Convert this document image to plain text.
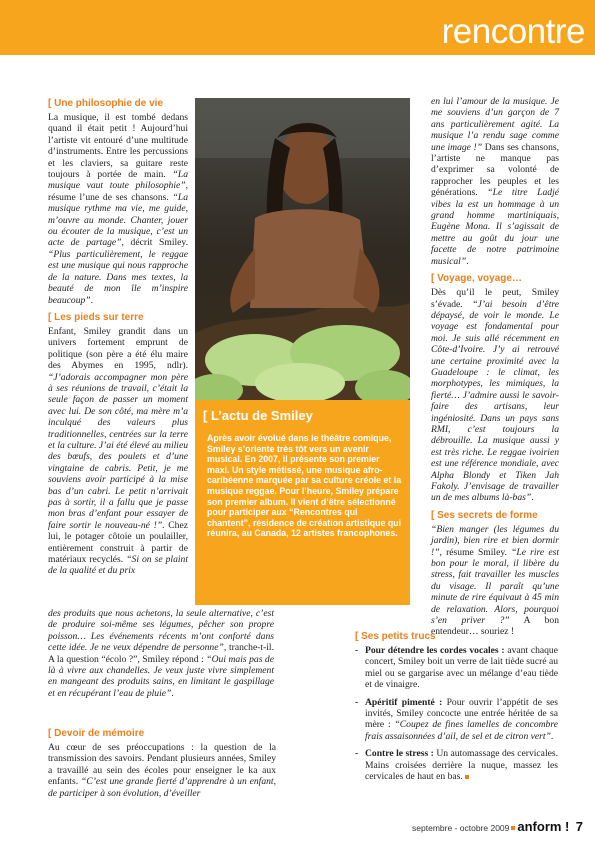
rencontre
[ Une philosophie de vie

La musique, il est tombé dedans quand il était petit ! Aujourd’hui l’artiste vit entouré d’une multitude d’instruments. Entre les percussions et les claviers, sa guitare reste toujours à portée de main. “La musique vaut toute philosophie”, résume l’une de ses chansons. “La musique rythme ma vie, me guide, m’ouvre au monde. Chanter, jouer ou écouter de la musique, c’est un acte de partage”, décrit Smiley. “Plus particulièrement, le reggae est une musique qui nous rapproche de la nature. Dans mes textes, la beauté de mon île m’inspire beaucoup”.

[ Les pieds sur terre

Enfant, Smiley grandit dans un univers fortement emprunt de politique (son père a été élu maire des Abymes en 1995, ndlr). “J’adorais accompagner mon père à ses réunions de travail, c’était la seule façon de passer un moment avec lui. De son côté, ma mère m’a inculqué des valeurs plus traditionnelles, centrées sur la terre et la culture. J’ai été élevé au milieu des bœufs, des poulets et d’une vingtaine de cabris. Petit, je me souviens avoir participé à la mise bas d’un cabri. Le petit n’arrivait pas à sortir, il a fallu que je passe mon bras d’enfant pour essayer de faire sortir le nouveau-né !”. Chez lui, le potager côtoie un poulailler, entièrement construit à partir de matériaux recyclés. “Si on se plaint de la qualité et du prix

[ L’actu de Smiley
Après avoir évolué dans le théâtre comique, Smiley s’oriente très tôt vers un avenir musical. En 2007, il présente son premier maxi. Un style métissé, une musique afro-caribéenne marquée par sa culture créole et la musique reggae. Pour l’heure, Smiley prépare son premier album. Il vient d’être sélectionné pour participer aux “Rencontres qui chantent”, résidence de création artistique qui réunira, au Canada, 12 artistes francophones.

en lui l’amour de la musique. Je me souviens d’un garçon de 7 ans particulièrement agité. La musique l’a rendu sage comme une image !” Dans ses chansons, l’artiste ne manque pas d’exprimer sa volonté de rapprocher les peuples et les générations. “Le titre Ladjé vibes la est un hommage à un grand homme martiniquais, Eugène Mona. Il s’agissait de mettre au goût du jour une facette de notre patrimoine musical”.

[ Voyage, voyage…

Dès qu’il le peut, Smiley s’évade. “J’ai besoin d’être dépaysé, de voir le monde. Le voyage est fondamental pour moi. Je suis allé récemment en Côte-d’Ivoire. J’y ai retrouvé une certaine proximité avec la Guadeloupe : le climat, les morphotypes, les mimiques, la fierté… J’admire aussi le savoir-faire des artisans, leur ingéniosité. Dans un pays sans RMI, c’est toujours la débrouille. La musique aussi y est très riche. Le reggae ivoirien est une référence mondiale, avec Alpha Blondy et Tiken Jah Fakoly. J’envisage de travailler un de mes albums là-bas”.

[ Ses secrets de forme

“Bien manger (les légumes du jardin), bien rire et bien dormir !”, résume Smiley. “Le rire est bon pour le moral, il libère du stress, fait travailler les muscles du visage. Il paraît qu’une minute de rire équivaut à 45 min de relaxation. Alors, pourquoi s’en priver ?” A bon entendeur… souriez !

des produits que nous achetons, la seule alternative, c’est de produire soi-même ses légumes, pêcher son propre poisson… Les événements récents m’ont conforté dans cette idée. Je ne veux dépendre de personne”, tranche-t-il. A la question “écolo ?”, Smiley répond : “Oui mais pas de là à vivre aux chandelles. Je veux juste vivre simplement en mangeant des produits sains, en limitant le gaspillage et en récupérant l’eau de pluie”.
[ Devoir de mémoire

Au cœur de ses préoccupations : la question de la transmission des savoirs. Pendant plusieurs années, Smiley a travaillé au sein des écoles pour enseigner le ka aux enfants. “C’est une grande fierté d’apprendre à un enfant, de participer à son évolution, d’éveiller

[ Ses petits trucs
- Pour détendre les cordes vocales : avant chaque concert, Smiley boit un verre de lait tiède sucré au miel ou se gargarise avec un mélange d’eau tiède et de vinaigre.
- Apéritif pimenté : Pour ouvrir l’appétit de ses invités, Smiley concocte une entrée héritée de sa mère : “Coupez de fines lamelles de concombre frais assaisonnées d’ail, de sel et de citron vert”.
- Contre le stress : Un automassage des cervicales. Mains croisées derrière la nuque, massez les cervicales de haut en bas.
septembre - octobre 2009 anform ! 7
